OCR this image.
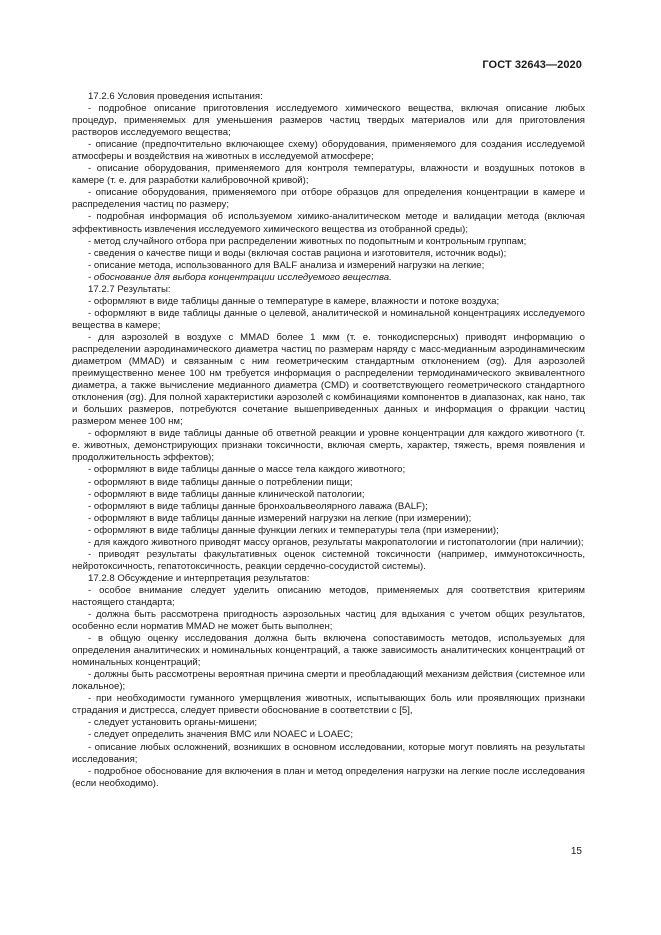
ГОСТ 32643—2020

17.2.6 Условия проведения испытания:

- подробное описание приготовления исследуемого химического вещества, включая описание любых процедур, применяемых для уменьшения размеров частиц твердых материалов или для приготовления растворов исследуемого вещества;

- описание (предпочтительно включающее схему) оборудования, применяемого для создания исследуемой атмосферы и воздействия на животных в исследуемой атмосфере;

- описание оборудования, применяемого для контроля температуры, влажности и воздушных потоков в камере (т. е. для разработки калибровочной кривой);

- описание оборудования, применяемого при отборе образцов для определения концентрации в камере и распределения частиц по размеру;

- подробная информация об используемом химико-аналитическом методе и валидации метода (включая эффективность извлечения исследуемого химического вещества из отобранной среды);

- метод случайного отбора при распределении животных по подопытным и контрольным группам;

- сведения о качестве пищи и воды (включая состав рациона и изготовителя, источник воды);

- описание метода, использованного для BALF анализа и измерений нагрузки на легкие;

- обоснование для выбора концентрации исследуемого вещества.

17.2.7 Результаты:

- оформляют в виде таблицы данные о температуре в камере, влажности и потоке воздуха;

- оформляют в виде таблицы данные о целевой, аналитической и номинальной концентрациях исследуемого вещества в камере;

- для аэрозолей в воздухе с MMAD более 1 мкм (т. е. тонкодисперсных) приводят информацию о распределении аэродинамического диаметра частиц по размерам наряду с масс-медианным аэродинамическим диаметром (MMAD) и связанным с ним геометрическим стандартным отклонением (σg). Для аэрозолей преимущественно менее 100 нм требуется информация о распределении термодинамического эквивалентного диаметра, а также вычисление медианного диаметра (CMD) и соответствующего геометрического стандартного отклонения (σg). Для полной характеристики аэрозолей с комбинациями компонентов в диапазонах, как нано, так и больших размеров, потребуются сочетание вышеприведенных данных и информация о фракции частиц размером менее 100 нм;

- оформляют в виде таблицы данные об ответной реакции и уровне концентрации для каждого животного (т. е. животных, демонстрирующих признаки токсичности, включая смерть, характер, тяжесть, время появления и продолжительность эффектов);

- оформляют в виде таблицы данные о массе тела каждого животного;

- оформляют в виде таблицы данные о потреблении пищи;

- оформляют в виде таблицы данные клинической патологии;

- оформляют в виде таблицы данные бронхоальвеолярного лаважа (BALF);

- оформляют в виде таблицы данные измерений нагрузки на легкие (при измерении);

- оформляют в виде таблицы данные функции легких и температуры тела (при измерении);

- для каждого животного приводят массу органов, результаты макропатологии и гистопатологии (при наличии);

- приводят результаты факультативных оценок системной токсичности (например, иммунотоксичность, нейротоксичность, гепатотоксичность, реакции сердечно-сосудистой системы).

17.2.8 Обсуждение и интерпретация результатов:

- особое внимание следует уделить описанию методов, применяемых для соответствия критериям настоящего стандарта;

- должна быть рассмотрена пригодность аэрозольных частиц для вдыхания с учетом общих результатов, особенно если норматив MMAD не может быть выполнен;

- в общую оценку исследования должна быть включена сопоставимость методов, используемых для определения аналитических и номинальных концентраций, а также зависимость аналитических концентраций от номинальных концентраций;

- должны быть рассмотрены вероятная причина смерти и преобладающий механизм действия (системное или локальное);

- при необходимости гуманного умерщвления животных, испытывающих боль или проявляющих признаки страдания и дистресса, следует привести обоснование в соответствии с [5],

- следует установить органы-мишени;

- следует определить значения BMC или NOAEC и LOAEC;

- описание любых осложнений, возникших в основном исследовании, которые могут повлиять на результаты исследования;

- подробное обоснование для включения в план и метод определения нагрузки на легкие после исследования (если необходимо).

15
